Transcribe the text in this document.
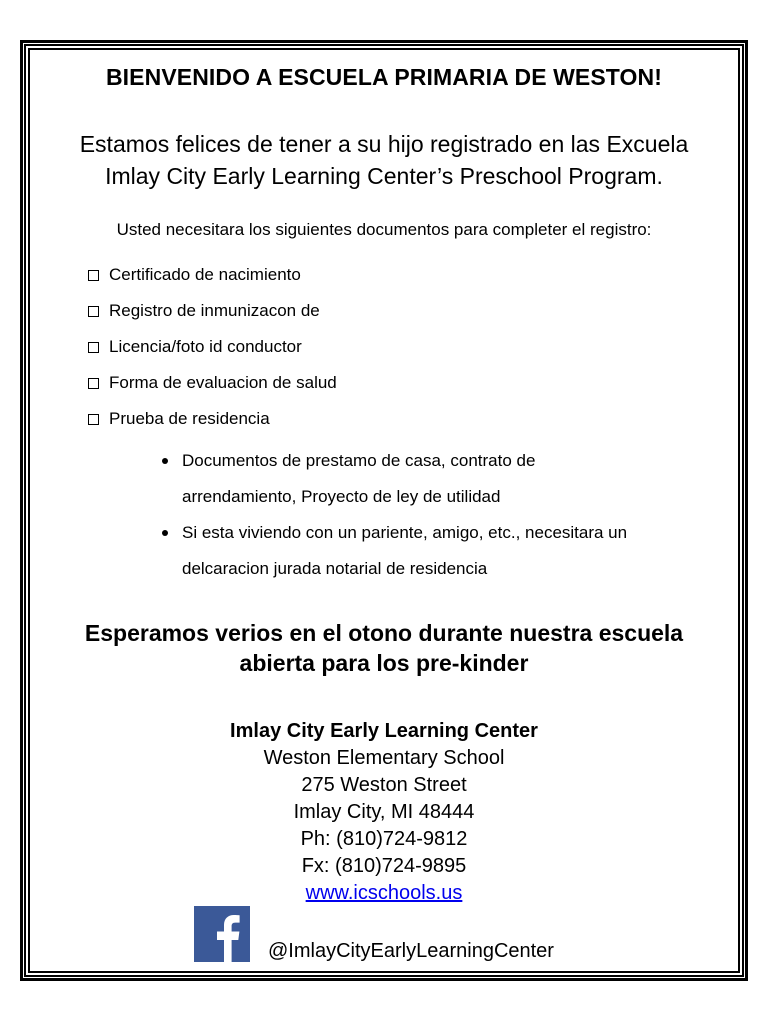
BIENVENIDO A ESCUELA PRIMARIA DE WESTON!

Estamos felices de tener a su hijo registrado en las Excuela
Imlay City Early Learning Center’s Preschool Program.

Usted necesitara los siguientes documentos para completer el registro:

Certificado de nacimiento
Registro de inmunizacon de
Licencia/foto id conductor
Forma de evaluacion de salud
Prueba de residencia
Documentos de prestamo de casa, contrato de
arrendamiento, Proyecto de ley de utilidad
Si esta viviendo con un pariente, amigo, etc., necesitara un
delcaracion jurada notarial de residencia

Esperamos verios en el otono durante nuestra escuela
abierta para los pre-kinder

Imlay City Early Learning Center
Weston Elementary School
275 Weston Street
Imlay City, MI 48444
Ph: (810)724-9812
Fx: (810)724-9895
www.icschools.us
@ImlayCityEarlyLearningCenter
